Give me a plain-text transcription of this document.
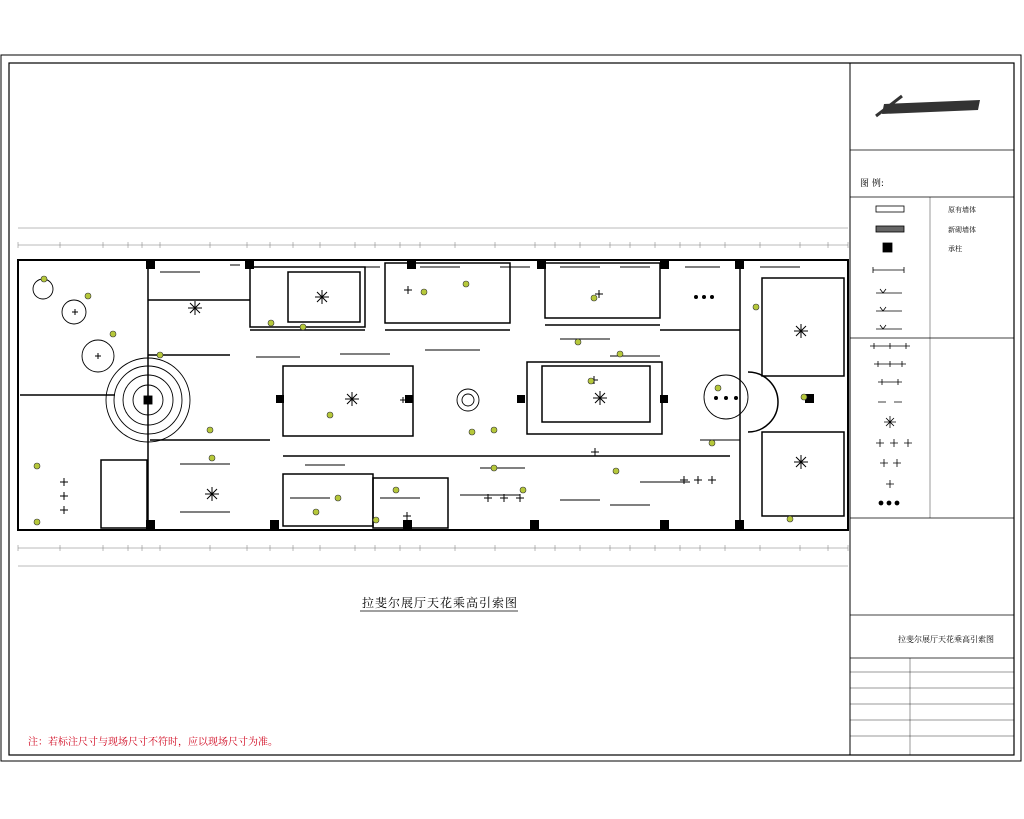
拉斐尔展厅天花乘高引索图
注：若标注尺寸与现场尺寸不符时，应以现场尺寸为准。
图 例:
原有墙体
新砌墙体
承柱
拉斐尔展厅天花乘高引索图
